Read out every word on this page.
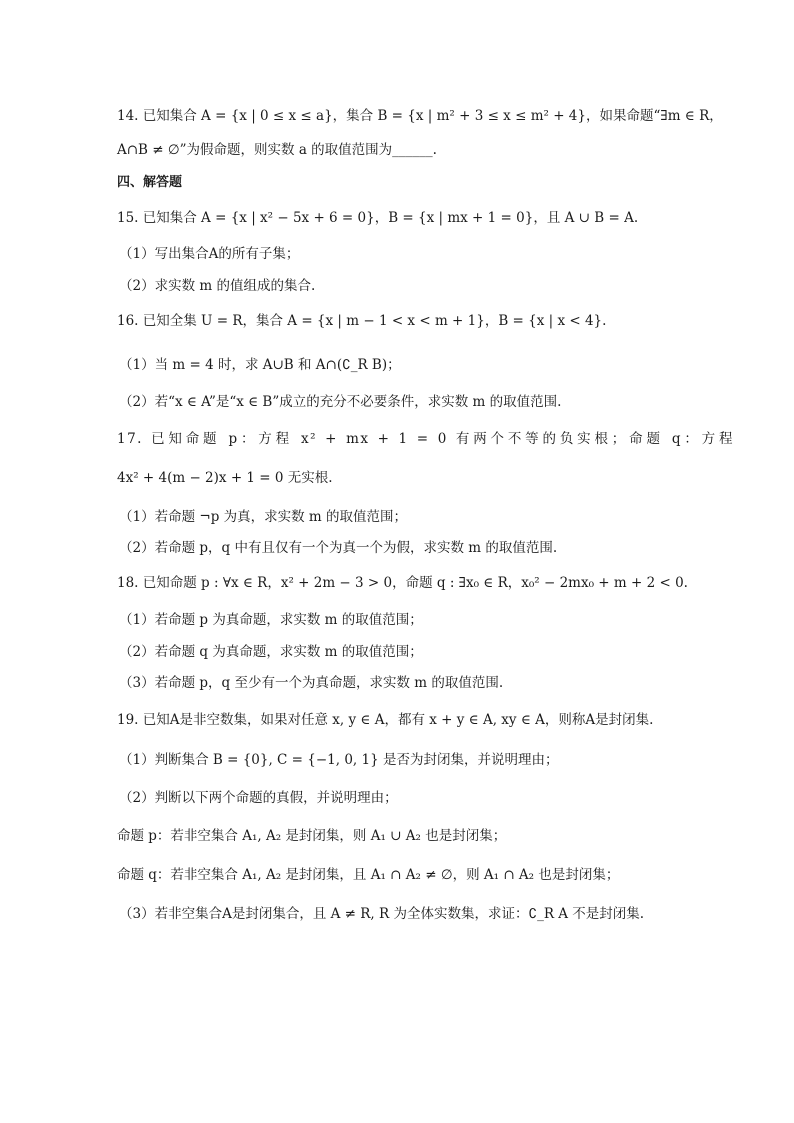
14. 已知集合 A = {x | 0 ≤ x ≤ a}，集合 B = {x | m² + 3 ≤ x ≤ m² + 4}，如果命题“∃m ∈ R，
A∩B ≠ ∅”为假命题，则实数 a 的取值范围为______.
四、解答题
15. 已知集合 A = {x | x² − 5x + 6 = 0}，B = {x | mx + 1 = 0}，且 A ∪ B = A.
（1）写出集合A的所有子集；
（2）求实数 m 的值组成的集合.
16. 已知全集 U = R，集合 A = {x | m − 1 < x < m + 1}，B = {x | x < 4}.
（1）当 m = 4 时，求 A∪B 和 A∩(∁_R B)；
（2）若“x ∈ A”是“x ∈ B”成立的充分不必要条件，求实数 m 的取值范围.
17. 已知命题 p：方程 x² + mx + 1 = 0 有两个不等的负实根；命题 q：方程
4x² + 4(m − 2)x + 1 = 0 无实根.
（1）若命题 ¬p 为真，求实数 m 的取值范围；
（2）若命题 p，q 中有且仅有一个为真一个为假，求实数 m 的取值范围.
18. 已知命题 p : ∀x ∈ R，x² + 2m − 3 > 0，命题 q : ∃x₀ ∈ R，x₀² − 2mx₀ + m + 2 < 0.
（1）若命题 p 为真命题，求实数 m 的取值范围；
（2）若命题 q 为真命题，求实数 m 的取值范围；
（3）若命题 p，q 至少有一个为真命题，求实数 m 的取值范围.
19. 已知A是非空数集，如果对任意 x, y ∈ A，都有 x + y ∈ A, xy ∈ A，则称A是封闭集.
（1）判断集合 B = {0}, C = {−1, 0, 1} 是否为封闭集，并说明理由；
（2）判断以下两个命题的真假，并说明理由；
命题 p：若非空集合 A₁, A₂ 是封闭集，则 A₁ ∪ A₂ 也是封闭集；
命题 q：若非空集合 A₁, A₂ 是封闭集，且 A₁ ∩ A₂ ≠ ∅，则 A₁ ∩ A₂ 也是封闭集；
（3）若非空集合A是封闭集合，且 A ≠ R, R 为全体实数集，求证：∁_R A 不是封闭集.
